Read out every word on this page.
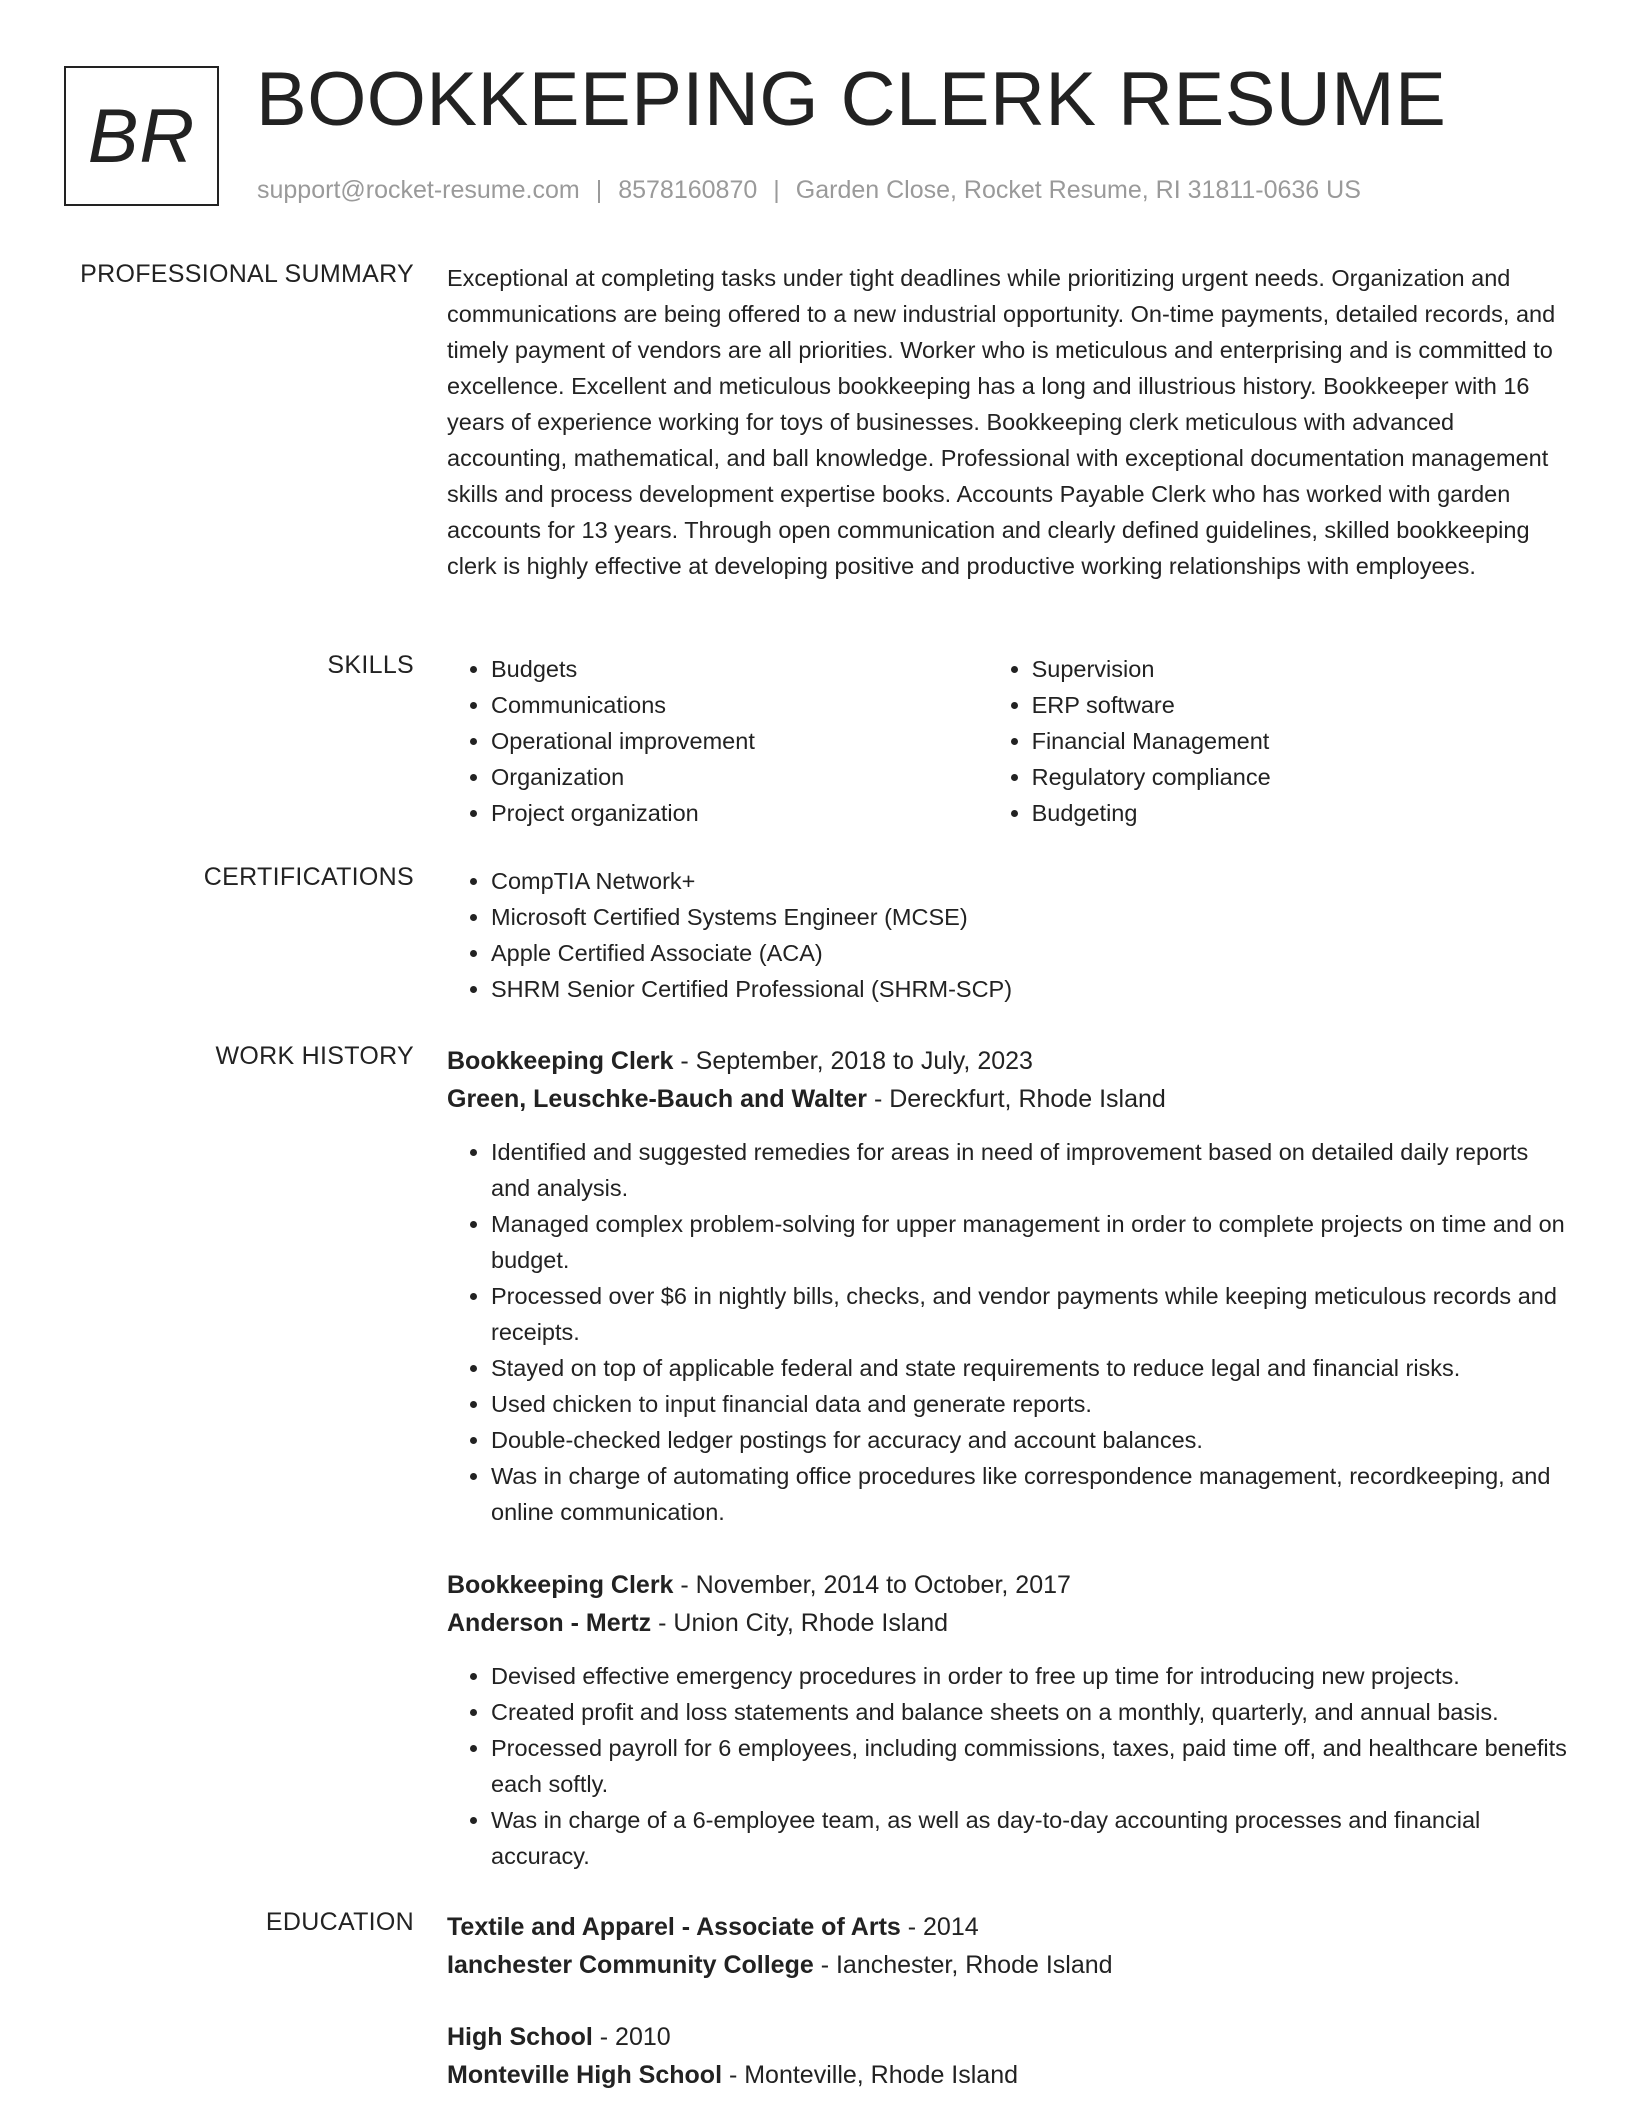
BR BOOKKEEPING CLERK RESUME
support@rocket-resume.com | 8578160870 | Garden Close, Rocket Resume, RI 31811-0636 US
PROFESSIONAL SUMMARY Exceptional at completing tasks under tight deadlines while prioritizing urgent needs. Organization and communications are being offered to a new industrial opportunity. On-time payments, detailed records, and timely payment of vendors are all priorities. Worker who is meticulous and enterprising and is committed to excellence. Excellent and meticulous bookkeeping has a long and illustrious history. Bookkeeper with 16 years of experience working for toys of businesses. Bookkeeping clerk meticulous with advanced accounting, mathematical, and ball knowledge. Professional with exceptional documentation management skills and process development expertise books. Accounts Payable Clerk who has worked with garden accounts for 13 years. Through open communication and clearly defined guidelines, skilled bookkeeping clerk is highly effective at developing positive and productive working relationships with employees.

SKILLS	• Budgets
• Communications
• Operational improvement
• Organization
• Project organization
• Supervision
• ERP software
• Financial Management
• Regulatory compliance
• Budgeting
CERTIFICATIONS	• CompTIA Network+
• Microsoft Certified Systems Engineer (MCSE)
• Apple Certified Associate (ACA)
• SHRM Senior Certified Professional (SHRM-SCP)
WORK HISTORY Bookkeeping Clerk - September, 2018 to July, 2023
Green, Leuschke-Bauch and Walter - Dereckfurt, Rhode Island
• Identified and suggested remedies for areas in need of improvement based on detailed daily reports and analysis.
• Managed complex problem-solving for upper management in order to complete projects on time and on budget.
• Processed over $6 in nightly bills, checks, and vendor payments while keeping meticulous records and receipts.
• Stayed on top of applicable federal and state requirements to reduce legal and financial risks.
• Used chicken to input financial data and generate reports.
• Double-checked ledger postings for accuracy and account balances.
• Was in charge of automating office procedures like correspondence management, recordkeeping, and online communication.
Bookkeeping Clerk - November, 2014 to October, 2017
Anderson - Mertz - Union City, Rhode Island
• Devised effective emergency procedures in order to free up time for introducing new projects.
• Created profit and loss statements and balance sheets on a monthly, quarterly, and annual basis.
• Processed payroll for 6 employees, including commissions, taxes, paid time off, and healthcare benefits each softly.
• Was in charge of a 6-employee team, as well as day-to-day accounting processes and financial accuracy.
EDUCATION Textile and Apparel - Associate of Arts - 2014
Ianchester Community College - Ianchester, Rhode Island
High School - 2010
Monteville High School - Monteville, Rhode Island
